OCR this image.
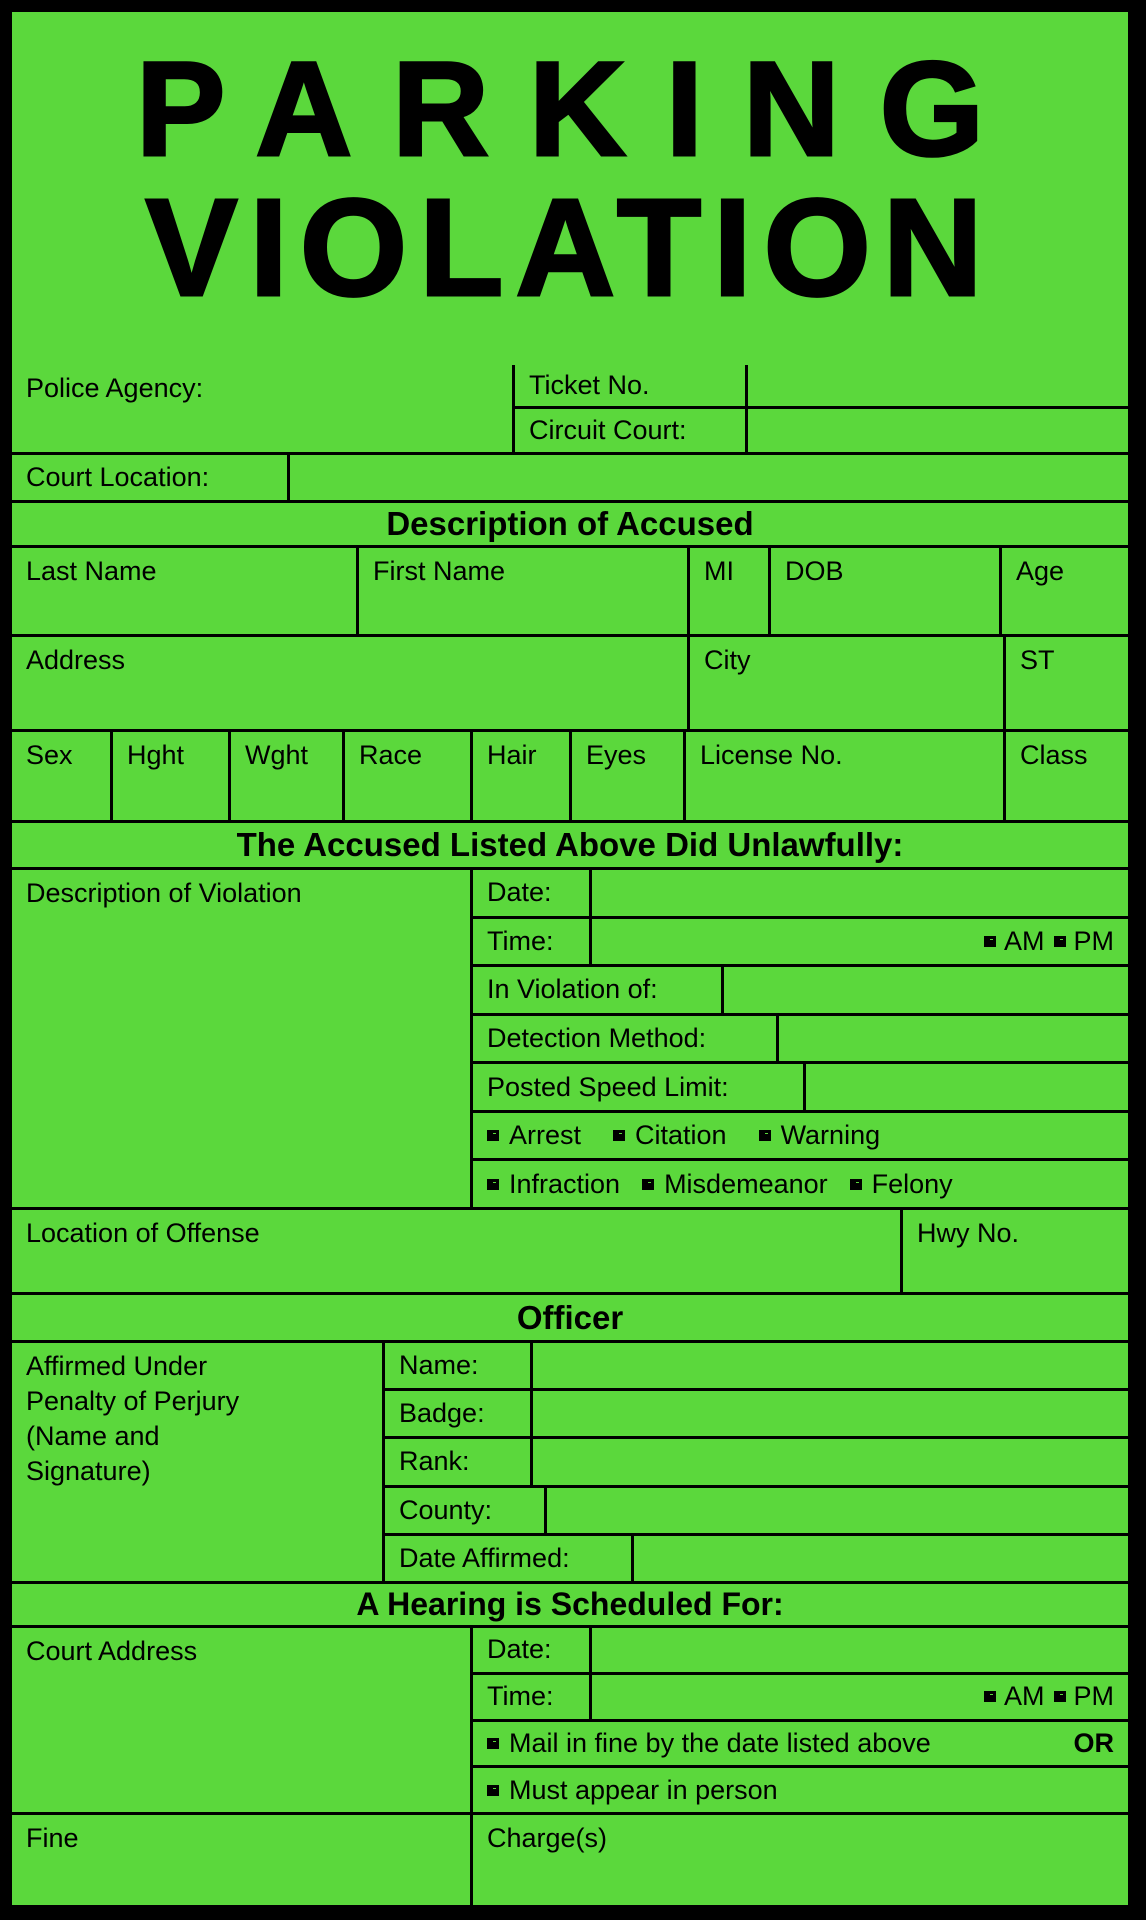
PARKING
VIOLATION
Police Agency:	Ticket No.
Circuit Court:
Court Location:
Description of Accused
Last Name	First Name	MI	DOB	Age
Address	City	ST
Sex	Hght	Wght	Race	Hair	Eyes	License No.	Class
The Accused Listed Above Did Unlawfully:
Description of Violation	Date:
Time:	AM PM
In Violation of:
Detection Method:
Posted Speed Limit:
Arrest Citation Warning
Infraction Misdemeanor Felony
Location of Offense	Hwy No.
Officer
Affirmed Under Penalty of Perjury (Name and Signature)
Name:
Badge:
Rank:
County:
Date Affirmed:
A Hearing is Scheduled For:
Court Address	Date:
Time:	AM PM
Mail in fine by the date listed above	OR
Must appear in person
Fine	Charge(s)
